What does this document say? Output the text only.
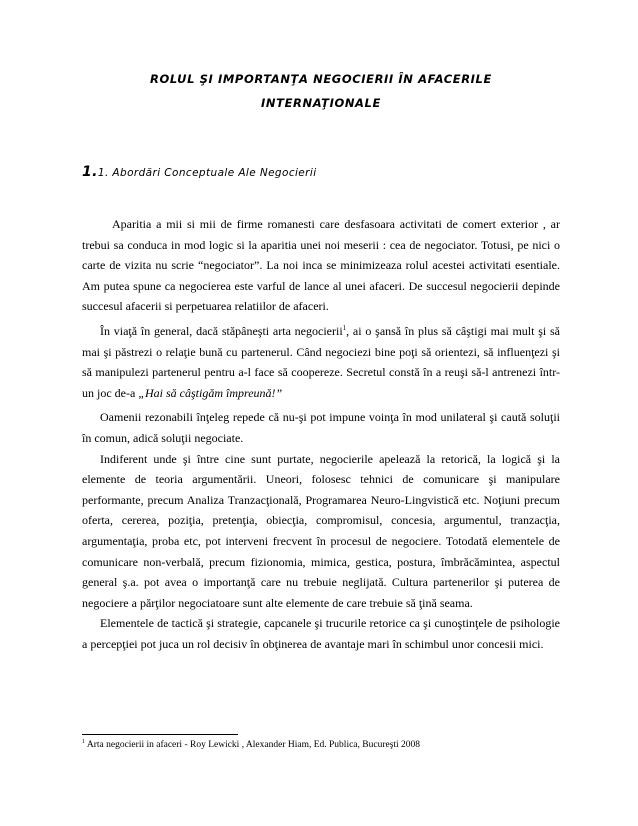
ROLUL ŞI IMPORTANŢA NEGOCIERII ÎN AFACERILE
INTERNAŢIONALE
1.1. Abordări Conceptuale Ale Negocierii

Aparitia a mii si mii de firme romanesti care desfasoara activitati de comert exterior , ar trebui sa conduca in mod logic si la aparitia unei noi meserii : cea de negociator. Totusi, pe nici o carte de vizita nu scrie “negociator”. La noi inca se minimizeaza rolul acestei activitati esentiale. Am putea spune ca negocierea este varful de lance al unei afaceri. De succesul negocierii depinde succesul afacerii si perpetuarea relatiilor de afaceri.

În viaţă în general, dacă stăpâneşti arta negocierii$^1$, ai o şansă în plus să câştigi mai mult şi să mai şi păstrezi o relaţie bună cu partenerul. Când negociezi bine poţi să orientezi, să influenţezi şi să manipulezi partenerul pentru a-l face să coopereze. Secretul constă în a reuşi să-l antrenezi într-un joc de-a „Hai să câştigăm împreună!”

Oamenii rezonabili înţeleg repede că nu-şi pot impune voinţa în mod unilateral şi caută soluţii în comun, adică soluţii negociate.

Indiferent unde şi între cine sunt purtate, negocierile apelează la retorică, la logică şi la elemente de teoria argumentării. Uneori, folosesc tehnici de comunicare şi manipulare performante, precum Analiza Tranzacţională, Programarea Neuro-Lingvistică etc. Noţiuni precum oferta, cererea, poziţia, pretenţia, obiecţia, compromisul, concesia, argumentul, tranzacţia, argumentaţia, proba etc, pot interveni frecvent în procesul de negociere. Totodată elementele de comunicare non-verbală, precum fizionomia, mimica, gestica, postura, îmbrăcămintea, aspectul general ş.a. pot avea o importanţă care nu trebuie neglijată. Cultura partenerilor şi puterea de negociere a părţilor negociatoare sunt alte elemente de care trebuie să ţină seama.

Elementele de tactică şi strategie, capcanele şi trucurile retorice ca şi cunoştinţele de psihologie a percepţiei pot juca un rol decisiv în obţinerea de avantaje mari în schimbul unor concesii mici.

$^1$ Arta negocierii in afaceri - Roy Lewicki , Alexander Hiam, Ed. Publica, Bucureşti 2008
